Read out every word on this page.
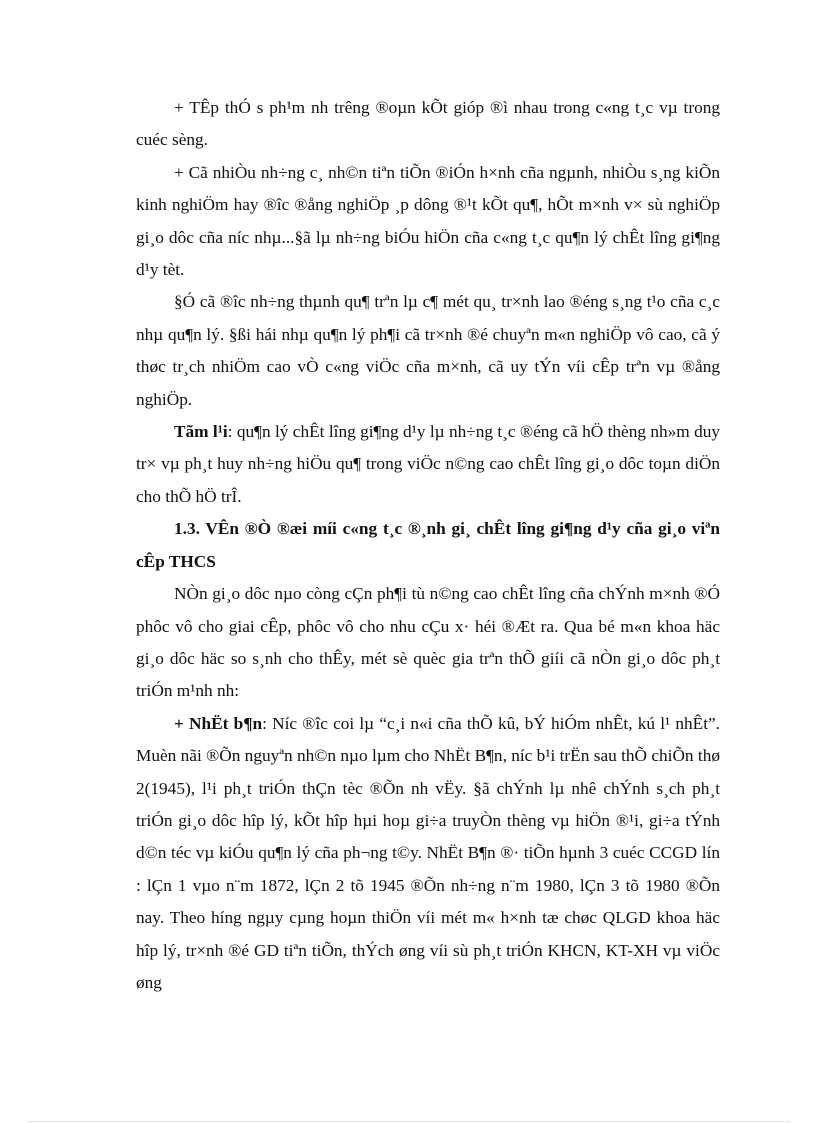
+ TÊp thÓ s ph¹m nh trêng ®oµn kÕt gióp ®ì nhau trong c«ng t¸c vµ trong cuéc sèng.

+ Cã nhiÒu nh÷ng c¸ nh©n tiªn tiÕn ®iÓn h×nh cña ngµnh, nhiÒu s¸ng kiÕn kinh nghiÖm hay ®îc ®ång nghiÖp ¸p dông ®¹t kÕt qu¶, hÕt m×nh v× sù nghiÖp gi¸o dôc cña níc nhµ...§ã lµ nh÷ng biÓu hiÖn cña c«ng t¸c qu¶n lý chÊt lîng gi¶ng d¹y tèt.

§Ó cã ®îc nh÷ng thµnh qu¶ trªn lµ c¶ mét qu¸ tr×nh lao ®éng s¸ng t¹o cña c¸c nhµ qu¶n lý. §ßi hái nhµ qu¶n lý ph¶i cã tr×nh ®é chuyªn m«n nghiÖp vô cao, cã ý thøc tr¸ch nhiÖm cao vÒ c«ng viÖc cña m×nh, cã uy tÝn víi cÊp trªn vµ ®ång nghiÖp.

Tãm l¹i: qu¶n lý chÊt lîng gi¶ng d¹y lµ nh÷ng t¸c ®éng cã hÖ thèng nh»m duy tr× vµ ph¸t huy nh÷ng hiÖu qu¶ trong viÖc n©ng cao chÊt lîng gi¸o dôc toµn diÖn cho thÕ hÖ trÎ.

1.3. VÊn ®Ò ®æi míi c«ng t¸c ®¸nh gi¸ chÊt lîng gi¶ng d¹y cña gi¸o viªn cÊp THCS

NÒn gi¸o dôc nµo còng cÇn ph¶i tù n©ng cao chÊt lîng cña chÝnh m×nh ®Ó phôc vô cho giai cÊp, phôc vô cho nhu cÇu x· héi ®Æt ra. Qua bé m«n khoa häc gi¸o dôc häc so s¸nh cho thÊy, mét sè quèc gia trªn thÕ giíi cã nÒn gi¸o dôc ph¸t triÓn m¹nh nh:

+ NhËt b¶n: Níc ®îc coi lµ “c¸i n«i cña thÕ kû, bÝ hiÓm nhÊt, kú l¹ nhÊt”. Muèn nãi ®Õn nguyªn nh©n nµo lµm cho NhËt B¶n, níc b¹i trËn sau thÕ chiÕn thø 2(1945), l¹i ph¸t triÓn thÇn tèc ®Õn nh vËy. §ã chÝnh lµ nhê chÝnh s¸ch ph¸t triÓn gi¸o dôc hîp lý, kÕt hîp hµi hoµ gi÷a truyÒn thèng vµ hiÖn ®¹i, gi÷a tÝnh d©n téc vµ kiÓu qu¶n lý cña ph¬ng t©y. NhËt B¶n ®· tiÕn hµnh 3 cuéc CCGD lín : lÇn 1 vµo n¨m 1872, lÇn 2 tõ 1945 ®Õn nh÷ng n¨m 1980, lÇn 3 tõ 1980 ®Õn nay. Theo híng ngµy cµng hoµn thiÖn víi mét m« h×nh tæ chøc QLGD khoa häc hîp lý, tr×nh ®é GD tiªn tiÕn, thÝch øng víi sù ph¸t triÓn KHCN, KT-XH vµ viÖc øng
